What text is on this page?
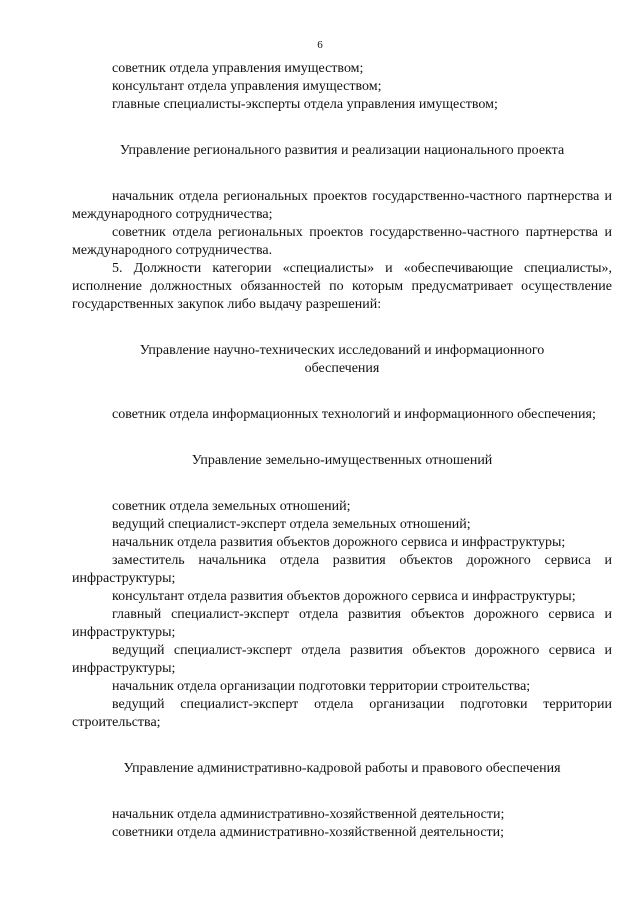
6

советник отдела управления имуществом;

консультант отдела управления имуществом;

главные специалисты-эксперты отдела управления имуществом;

Управление регионального развития и реализации национального проекта

начальник отдела региональных проектов государственно-частного партнерства и международного сотрудничества;

советник отдела региональных проектов государственно-частного партнерства и международного сотрудничества.

5. Должности категории «специалисты» и «обеспечивающие специалисты», исполнение должностных обязанностей по которым предусматривает осуществление государственных закупок либо выдачу разрешений:

Управление научно-технических исследований и информационного обеспечения

советник отдела информационных технологий и информационного обеспечения;

Управление земельно-имущественных отношений

советник отдела земельных отношений;

ведущий специалист-эксперт отдела земельных отношений;

начальник отдела развития объектов дорожного сервиса и инфраструктуры;

заместитель начальника отдела развития объектов дорожного сервиса и инфраструктуры;

консультант отдела развития объектов дорожного сервиса и инфраструктуры;

главный специалист-эксперт отдела развития объектов дорожного сервиса и инфраструктуры;

ведущий специалист-эксперт отдела развития объектов дорожного сервиса и инфраструктуры;

начальник отдела организации подготовки территории строительства;

ведущий специалист-эксперт отдела организации подготовки территории строительства;

Управление административно-кадровой работы и правового обеспечения

начальник отдела административно-хозяйственной деятельности;

советники отдела административно-хозяйственной деятельности;
